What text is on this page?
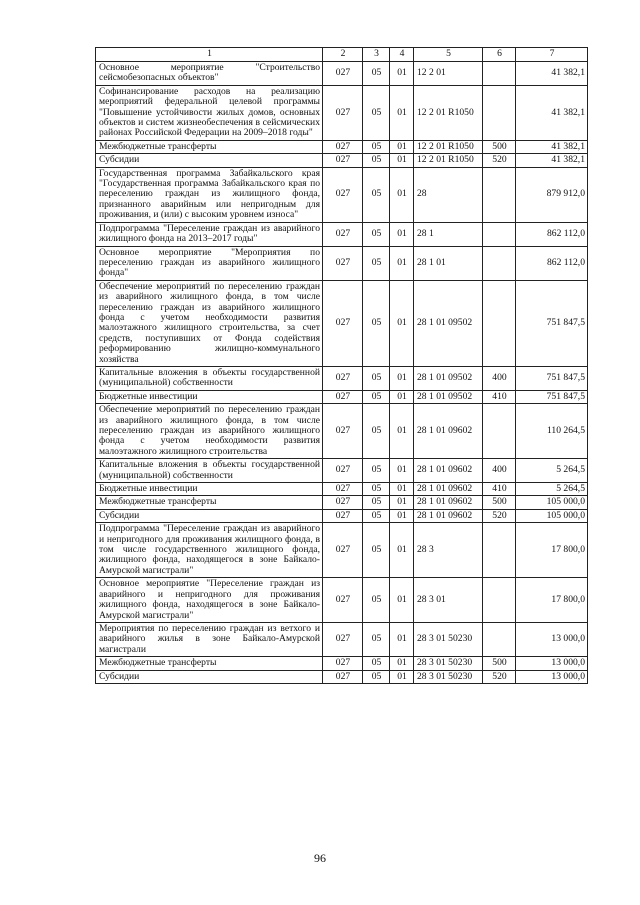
1	2	3	4	5	6	7
Основное мероприятие "Строительство сейсмобезопасных объектов"	027	05	01	12 2 01		41 382,1
Софинансирование расходов на реализацию мероприятий федеральной целевой программы "Повышение устойчивости жилых домов, основных объектов и систем жизнеобеспечения в сейсмических районах Российской Федерации на 2009–2018 годы"	027	05	01	12 2 01 R1050		41 382,1
Межбюджетные трансферты	027	05	01	12 2 01 R1050	500	41 382,1
Субсидии	027	05	01	12 2 01 R1050	520	41 382,1
Государственная программа Забайкальского края "Государственная программа Забайкальского края по переселению граждан из жилищного фонда, признанного аварийным или непригодным для проживания, и (или) с высоким уровнем износа"	027	05	01	28		879 912,0
Подпрограмма "Переселение граждан из аварийного жилищного фонда на 2013–2017 годы"	027	05	01	28 1		862 112,0
Основное мероприятие "Мероприятия по переселению граждан из аварийного жилищного фонда"	027	05	01	28 1 01		862 112,0
Обеспечение мероприятий по переселению граждан из аварийного жилищного фонда, в том числе переселению граждан из аварийного жилищного фонда с учетом необходимости развития малоэтажного жилищного строительства, за счет средств, поступивших от Фонда содействия реформированию жилищно-коммунального хозяйства	027	05	01	28 1 01 09502		751 847,5
Капитальные вложения в объекты государственной (муниципальной) собственности	027	05	01	28 1 01 09502	400	751 847,5
Бюджетные инвестиции	027	05	01	28 1 01 09502	410	751 847,5
Обеспечение мероприятий по переселению граждан из аварийного жилищного фонда, в том числе переселению граждан из аварийного жилищного фонда с учетом необходимости развития малоэтажного жилищного строительства	027	05	01	28 1 01 09602		110 264,5
Капитальные вложения в объекты государственной (муниципальной) собственности	027	05	01	28 1 01 09602	400	5 264,5
Бюджетные инвестиции	027	05	01	28 1 01 09602	410	5 264,5
Межбюджетные трансферты	027	05	01	28 1 01 09602	500	105 000,0
Субсидии	027	05	01	28 1 01 09602	520	105 000,0
Подпрограмма "Переселение граждан из аварийного и непригодного для проживания жилищного фонда, в том числе государственного жилищного фонда, жилищного фонда, находящегося в зоне Байкало-Амурской магистрали"	027	05	01	28 3		17 800,0
Основное мероприятие "Переселение граждан из аварийного и непригодного для проживания жилищного фонда, находящегося в зоне Байкало-Амурской магистрали"	027	05	01	28 3 01		17 800,0
Мероприятия по переселению граждан из ветхого и аварийного жилья в зоне Байкало-Амурской магистрали	027	05	01	28 3 01 50230		13 000,0
Межбюджетные трансферты	027	05	01	28 3 01 50230	500	13 000,0
Субсидии	027	05	01	28 3 01 50230	520	13 000,0
96
